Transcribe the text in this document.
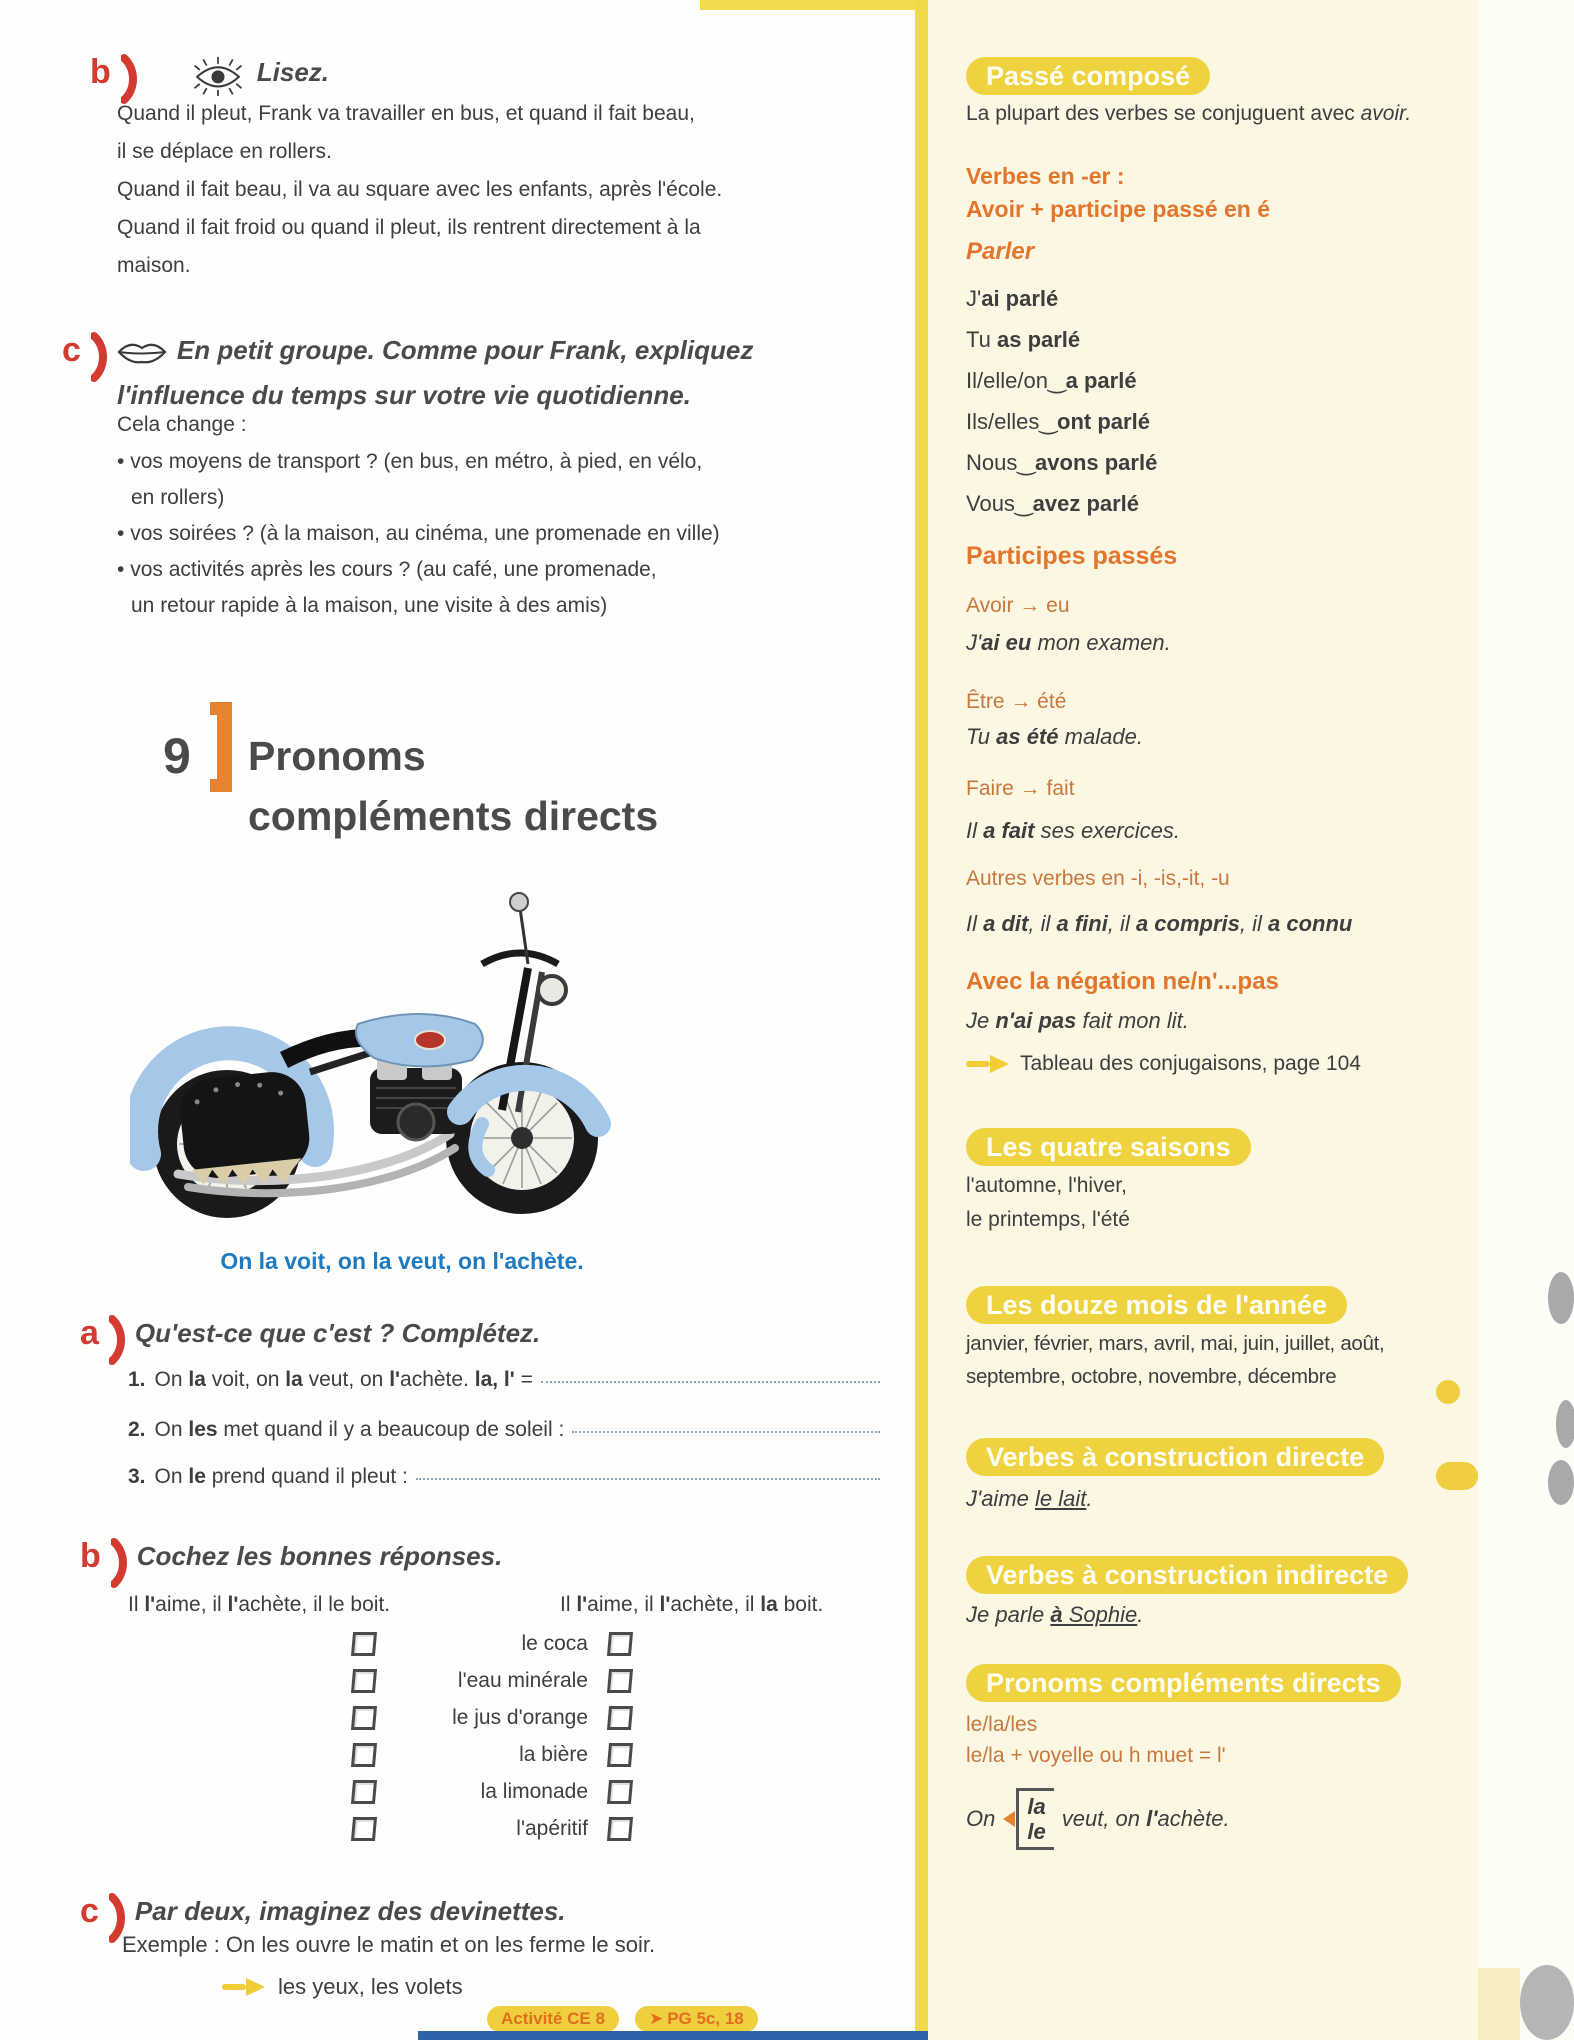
b	Lisez.
Quand il pleut, Frank va travailler en bus, et quand il fait beau,
il se déplace en rollers.
Quand il fait beau, il va au square avec les enfants, après l'école.
Quand il fait froid ou quand il pleut, ils rentrent directement à la
maison.
c	En petit groupe. Comme pour Frank, expliquez
l'influence du temps sur votre vie quotidienne.
Cela change :
• vos moyens de transport ? (en bus, en métro, à pied, en vélo,
en rollers)
• vos soirées ? (à la maison, au cinéma, une promenade en ville)
• vos activités après les cours ? (au café, une promenade,
un retour rapide à la maison, une visite à des amis)
9 Pronoms
compléments directs
On la voit, on la veut, on l'achète.
a Qu'est-ce que c'est ? Complétez.
1. On la voit, on la veut, on l'achète. la, l' =
2. On les met quand il y a beaucoup de soleil :
3. On le prend quand il pleut :
b Cochez les bonnes réponses.
Il l'aime, il l'achète, il le boit.	Il l'aime, il l'achète, il la boit.
le coca
l'eau minérale
le jus d'orange
la bière
la limonade
l'apéritif
c Par deux, imaginez des devinettes.
Exemple : On les ouvre le matin et on les ferme le soir.
les yeux, les volets
Activité CE 8	➤ PG 5c, 18
Passé composé
La plupart des verbes se conjuguent avec avoir.
Verbes en -er :
Avoir + participe passé en é
Parler
J'ai parlé
Tu as parlé
Il/elle/on‿a parlé
Ils/elles‿ont parlé
Nous‿avons parlé
Vous‿avez parlé
Participes passés
Avoir → eu
J'ai eu mon examen.
Être → été
Tu as été malade.
Faire → fait
Il a fait ses exercices.
Autres verbes en -i, -is,-it, -u
Il a dit, il a fini, il a compris, il a connu
Avec la négation ne/n'...pas
Je n'ai pas fait mon lit.
Tableau des conjugaisons, page 104
Les quatre saisons
l'automne, l'hiver,
le printemps, l'été
Les douze mois de l'année
janvier, février, mars, avril, mai, juin, juillet, août,
septembre, octobre, novembre, décembre
Verbes à construction directe
J'aime le lait.
Verbes à construction indirecte
Je parle à Sophie.
Pronoms compléments directs
le/la/les
le/la + voyelle ou h muet = l'
On la
le
veut, on l'achète.
